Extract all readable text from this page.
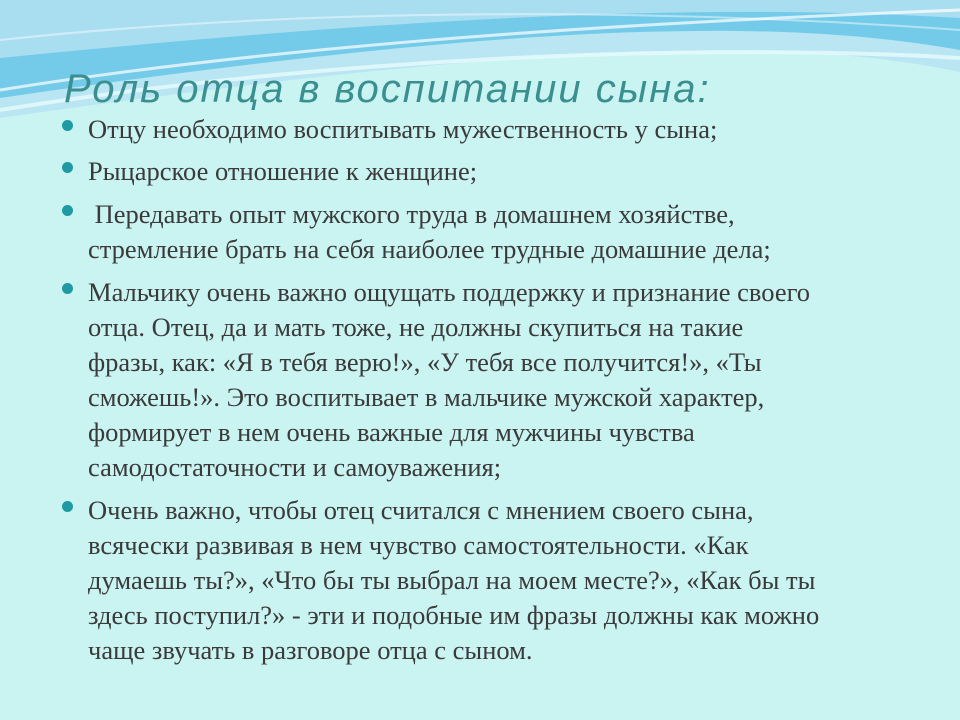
Роль отца в воспитании сына:
Отцу необходимо воспитывать мужественность у сына;
Рыцарское отношение к женщине;
Передавать опыт мужского труда в домашнем хозяйстве,
стремление брать на себя наиболее трудные домашние дела;
Мальчику очень важно ощущать поддержку и признание своего
отца. Отец, да и мать тоже, не должны скупиться на такие
фразы, как: «Я в тебя верю!», «У тебя все получится!», «Ты
сможешь!». Это воспитывает в мальчике мужской характер,
формирует в нем очень важные для мужчины чувства
самодостаточности и самоуважения;
Очень важно, чтобы отец считался с мнением своего сына,
всячески развивая в нем чувство самостоятельности. «Как
думаешь ты?», «Что бы ты выбрал на моем месте?», «Как бы ты
здесь поступил?» - эти и подобные им фразы должны как можно
чаще звучать в разговоре отца с сыном.
